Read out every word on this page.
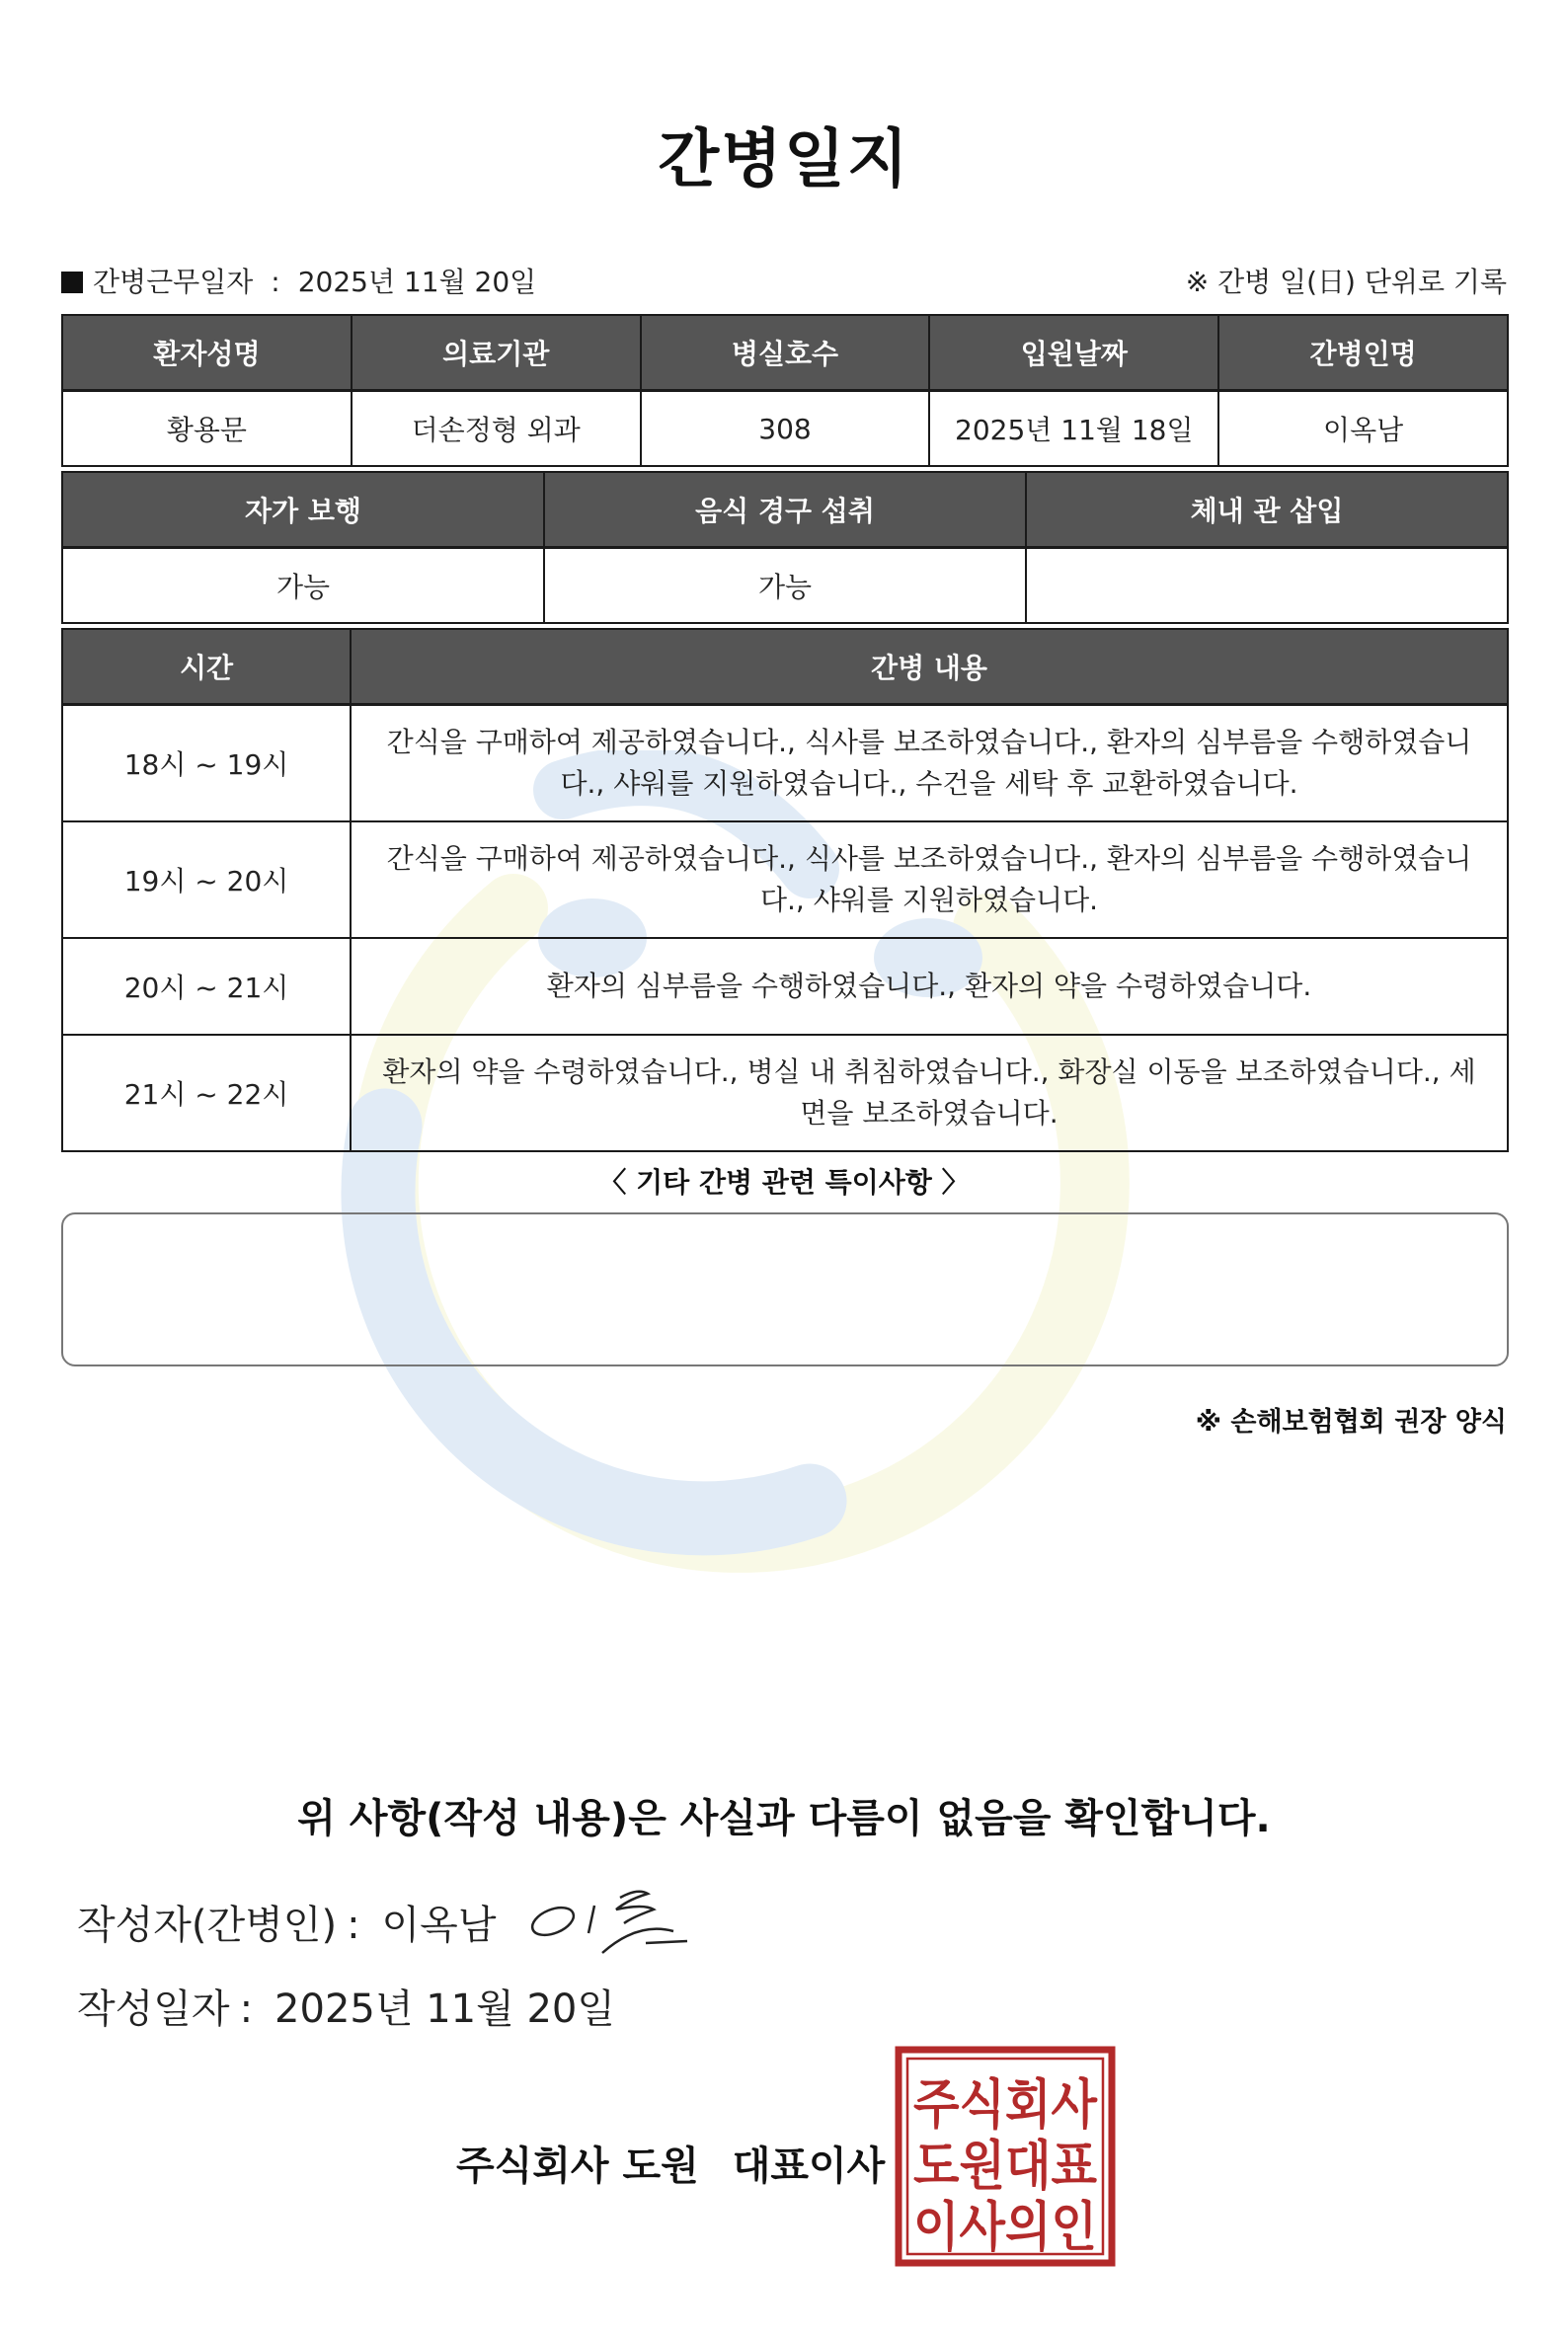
간병일지
간병근무일자 : 2025년 11월 20일	※ 간병 일(日) 단위로 기록
환자성명	의료기관	병실호수	입원날짜	간병인명
황용문	더손정형 외과	308	2025년 11월 18일	이옥남
자가 보행	음식 경구 섭취	체내 관 삽입
가능	가능	
시간	간병 내용
18시 ~ 19시	간식을 구매하여 제공하였습니다., 식사를 보조하였습니다., 환자의 심부름을 수행하였습니다., 샤워를 지원하였습니다., 수건을 세탁 후 교환하였습니다.
19시 ~ 20시	간식을 구매하여 제공하였습니다., 식사를 보조하였습니다., 환자의 심부름을 수행하였습니다., 샤워를 지원하였습니다.
20시 ~ 21시	환자의 심부름을 수행하였습니다., 환자의 약을 수령하였습니다.
21시 ~ 22시	환자의 약을 수령하였습니다., 병실 내 취침하였습니다., 화장실 이동을 보조하였습니다., 세면을 보조하였습니다.
〈 기타 간병 관련 특이사항 〉
※ 손해보험협회 권장 양식
위 사항(작성 내용)은 사실과 다름이 없음을 확인합니다.
작성자(간병인) : 이옥남
작성일자 : 2025년 11월 20일
주식회사 도원 대표이사
주식회사
도원대표
이사의인
